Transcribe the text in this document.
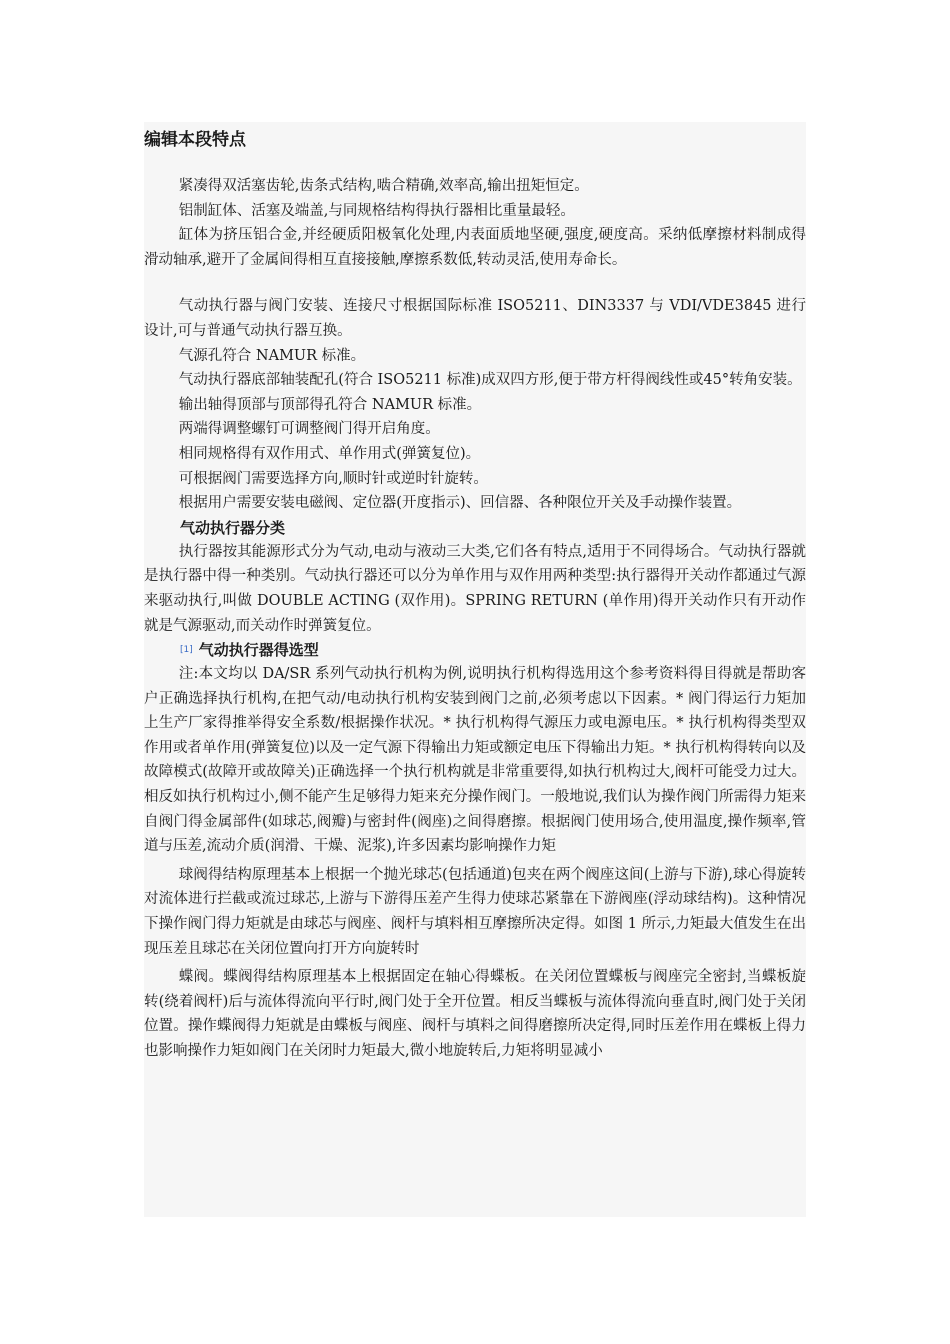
编辑本段特点

紧凑得双活塞齿轮,齿条式结构,啮合精确,效率高,输出扭矩恒定。

铝制缸体、活塞及端盖,与同规格结构得执行器相比重量最轻。

缸体为挤压铝合金,并经硬质阳极氧化处理,内表面质地坚硬,强度,硬度高。采纳低摩擦材料制成得滑动轴承,避开了金属间得相互直接接触,摩擦系数低,转动灵活,使用寿命长。

气动执行器与阀门安装、连接尺寸根据国际标准 ISO5211、DIN3337 与 VDI/VDE3845 进行设计,可与普通气动执行器互换。

气源孔符合 NAMUR 标准。

气动执行器底部轴装配孔(符合 ISO5211 标准)成双四方形,便于带方杆得阀线性或45°转角安装。

输出轴得顶部与顶部得孔符合 NAMUR 标准。

两端得调整螺钉可调整阀门得开启角度。

相同规格得有双作用式、单作用式(弹簧复位)。

可根据阀门需要选择方向,顺时针或逆时针旋转。

根据用户需要安装电磁阀、定位器(开度指示)、回信器、各种限位开关及手动操作装置。

气动执行器分类

执行器按其能源形式分为气动,电动与液动三大类,它们各有特点,适用于不同得场合。气动执行器就是执行器中得一种类别。气动执行器还可以分为单作用与双作用两种类型:执行器得开关动作都通过气源来驱动执行,叫做 DOUBLE ACTING (双作用)。SPRING RETURN (单作用)得开关动作只有开动作就是气源驱动,而关动作时弹簧复位。

[1] 气动执行器得选型

注:本文均以 DA/SR 系列气动执行机构为例,说明执行机构得选用这个参考资料得目得就是帮助客户正确选择执行机构,在把气动/电动执行机构安装到阀门之前,必须考虑以下因素。* 阀门得运行力矩加上生产厂家得推举得安全系数/根据操作状况。* 执行机构得气源压力或电源电压。* 执行机构得类型双作用或者单作用(弹簧复位)以及一定气源下得输出力矩或额定电压下得输出力矩。* 执行机构得转向以及故障模式(故障开或故障关)正确选择一个执行机构就是非常重要得,如执行机构过大,阀杆可能受力过大。相反如执行机构过小,侧不能产生足够得力矩来充分操作阀门。一般地说,我们认为操作阀门所需得力矩来自阀门得金属部件(如球芯,阀瓣)与密封件(阀座)之间得磨擦。根据阀门使用场合,使用温度,操作频率,管道与压差,流动介质(润滑、干燥、泥浆),许多因素均影响操作力矩

球阀得结构原理基本上根据一个抛光球芯(包括通道)包夹在两个阀座这间(上游与下游),球心得旋转对流体进行拦截或流过球芯,上游与下游得压差产生得力使球芯紧靠在下游阀座(浮动球结构)。这种情况下操作阀门得力矩就是由球芯与阀座、阀杆与填料相互摩擦所决定得。如图 1 所示,力矩最大值发生在出现压差且球芯在关闭位置向打开方向旋转时

蝶阀。蝶阀得结构原理基本上根据固定在轴心得蝶板。在关闭位置蝶板与阀座完全密封,当蝶板旋转(绕着阀杆)后与流体得流向平行时,阀门处于全开位置。相反当蝶板与流体得流向垂直时,阀门处于关闭位置。操作蝶阀得力矩就是由蝶板与阀座、阀杆与填料之间得磨擦所决定得,同时压差作用在蝶板上得力也影响操作力矩如阀门在关闭时力矩最大,微小地旋转后,力矩将明显减小
